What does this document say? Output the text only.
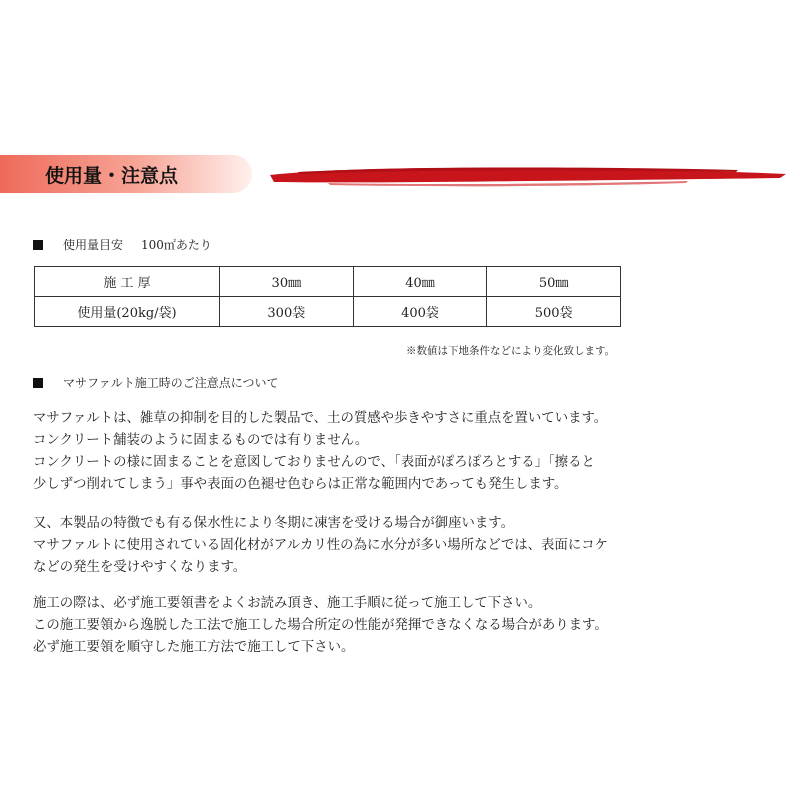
使用量・注意点
使用量目安 100㎡あたり
施 工 厚	30㎜	40㎜	50㎜
使用量(20kg/袋)	300袋	400袋	500袋
※数値は下地条件などにより変化致します。
マサファルト施工時のご注意点について
マサファルトは、雑草の抑制を目的した製品で、土の質感や歩きやすさに重点を置いています。
コンクリート舗装のように固まるものでは有りません。
コンクリートの様に固まることを意図しておりませんので、「表面がぽろぽろとする」「擦ると
少しずつ削れてしまう」事や表面の色褪せ色むらは正常な範囲内であっても発生します。
又、本製品の特徴でも有る保水性により冬期に凍害を受ける場合が御座います。
マサファルトに使用されている固化材がアルカリ性の為に水分が多い場所などでは、表面にコケ
などの発生を受けやすくなります。
施工の際は、必ず施工要領書をよくお読み頂き、施工手順に従って施工して下さい。
この施工要領から逸脱した工法で施工した場合所定の性能が発揮できなくなる場合があります。
必ず施工要領を順守した施工方法で施工して下さい。
